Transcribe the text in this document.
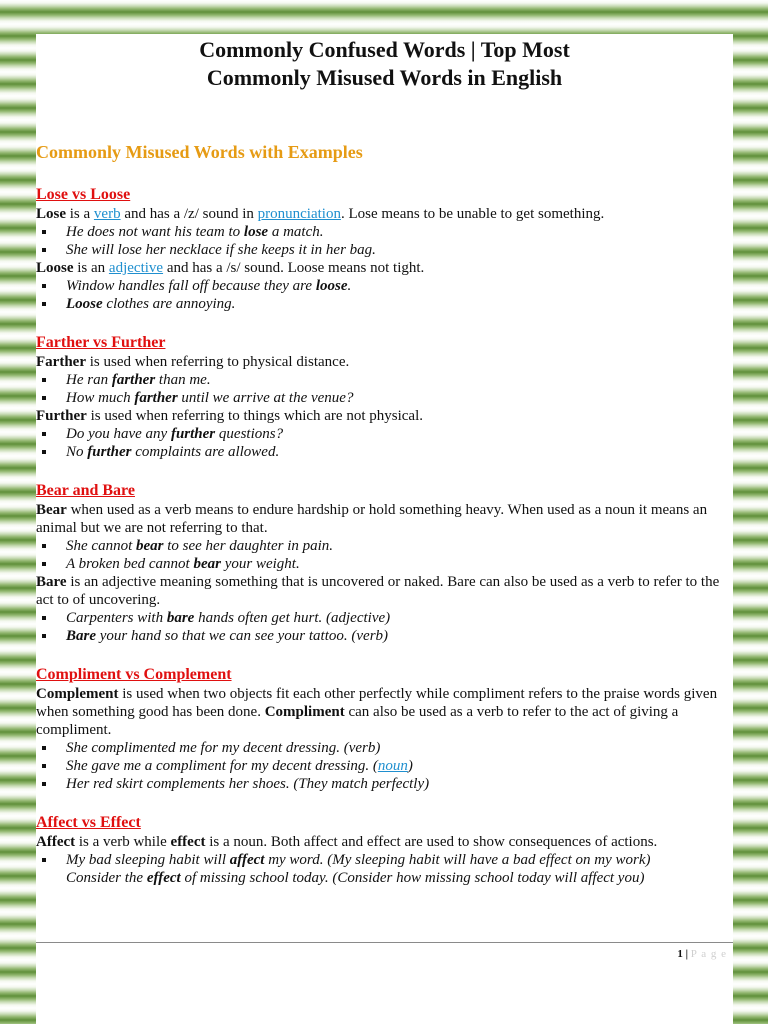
Commonly Confused Words | Top Most
Commonly Misused Words in English
Commonly Misused Words with Examples
Lose vs Loose

Lose is a verb and has a /z/ sound in pronunciation. Lose means to be unable to get something.

He does not want his team to lose a match.
She will lose her necklace if she keeps it in her bag.

Loose is an adjective and has a /s/ sound. Loose means not tight.

Window handles fall off because they are loose.
Loose clothes are annoying.
Farther vs Further

Farther is used when referring to physical distance.

He ran farther than me.
How much farther until we arrive at the venue?

Further is used when referring to things which are not physical.

Do you have any further questions?
No further complaints are allowed.
Bear and Bare

Bear when used as a verb means to endure hardship or hold something heavy. When used as a noun it means an animal but we are not referring to that.

She cannot bear to see her daughter in pain.
A broken bed cannot bear your weight.

Bare is an adjective meaning something that is uncovered or naked. Bare can also be used as a verb to refer to the act to of uncovering.

Carpenters with bare hands often get hurt. (adjective)
Bare your hand so that we can see your tattoo. (verb)
Compliment vs Complement

Complement is used when two objects fit each other perfectly while compliment refers to the praise words given when something good has been done. Compliment can also be used as a verb to refer to the act of giving a compliment.

She complimented me for my decent dressing. (verb)
She gave me a compliment for my decent dressing. (noun)
Her red skirt complements her shoes. (They match perfectly)
Affect vs Effect

Affect is a verb while effect is a noun. Both affect and effect are used to show consequences of actions.

My bad sleeping habit will affect my word. (My sleeping habit will have a bad effect on my work)
Consider the effect of missing school today. (Consider how missing school today will affect you)
1 | P a g e
